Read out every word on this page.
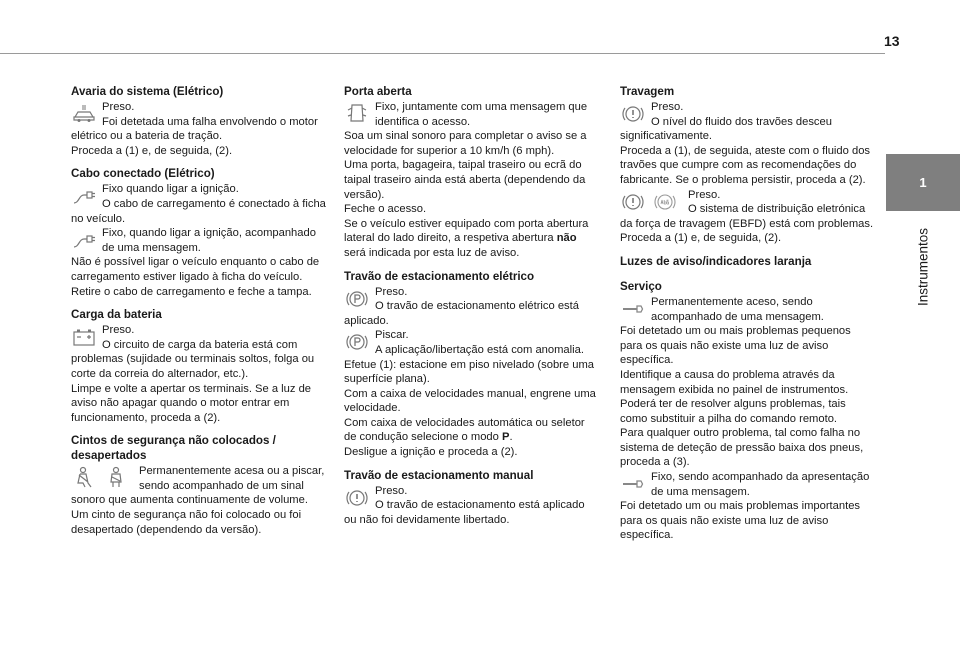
13
1
Instrumentos
Avaria do sistema (Elétrico)
Preso.
Foi detetada uma falha envolvendo o motor elétrico ou a bateria de tração.
Proceda a (1) e, de seguida, (2).
Cabo conectado (Elétrico)
Fixo quando ligar a ignição.
O cabo de carregamento é conectado à ficha no veículo.
Fixo, quando ligar a ignição, acompanhado de uma mensagem.
Não é possível ligar o veículo enquanto o cabo de carregamento estiver ligado à ficha do veículo.
Retire o cabo de carregamento e feche a tampa.
Carga da bateria
Preso.
O circuito de carga da bateria está com problemas (sujidade ou terminais soltos, folga ou corte da correia do alternador, etc.).
Limpe e volte a apertar os terminais. Se a luz de aviso não apagar quando o motor entrar em funcionamento, proceda a (2).
Cintos de segurança não colocados / desapertados
Permanentemente acesa ou a piscar, sendo acompanhado de um sinal sonoro que aumenta continuamente de volume.
Um cinto de segurança não foi colocado ou foi desapertado (dependendo da versão).
Porta aberta
Fixo, juntamente com uma mensagem que identifica o acesso.
Soa um sinal sonoro para completar o aviso se a velocidade for superior a 10 km/h (6 mph).
Uma porta, bagageira, taipal traseiro ou ecrã do taipal traseiro ainda está aberta (dependendo da versão).
Feche o acesso.
Se o veículo estiver equipado com porta abertura lateral do lado direito, a respetiva abertura não será indicada por esta luz de aviso.
Travão de estacionamento elétrico
Preso.
O travão de estacionamento elétrico está aplicado.
Piscar.
A aplicação/libertação está com anomalia.
Efetue (1): estacione em piso nivelado (sobre uma superfície plana).
Com a caixa de velocidades manual, engrene uma velocidade.
Com caixa de velocidades automática ou seletor de condução selecione o modo P.
Desligue a ignição e proceda a (2).
Travão de estacionamento manual
Preso.
O travão de estacionamento está aplicado ou não foi devidamente libertado.
Travagem
Preso.
O nível do fluido dos travões desceu significativamente.
Proceda a (1), de seguida, ateste com o fluido dos travões que cumpre com as recomendações do fabricante. Se o problema persistir, proceda a (2).
Preso.
O sistema de distribuição eletrónica da força de travagem (EBFD) está com problemas.
Proceda a (1) e, de seguida, (2).
Luzes de aviso/indicadores laranja
Serviço
Permanentemente aceso, sendo acompanhado de uma mensagem.
Foi detetado um ou mais problemas pequenos para os quais não existe uma luz de aviso específica.
Identifique a causa do problema através da mensagem exibida no painel de instrumentos.
Poderá ter de resolver alguns problemas, tais como substituir a pilha do comando remoto.
Para qualquer outro problema, tal como falha no sistema de deteção de pressão baixa dos pneus, proceda a (3).
Fixo, sendo acompanhado da apresentação de uma mensagem.
Foi detetado um ou mais problemas importantes para os quais não existe uma luz de aviso específica.
